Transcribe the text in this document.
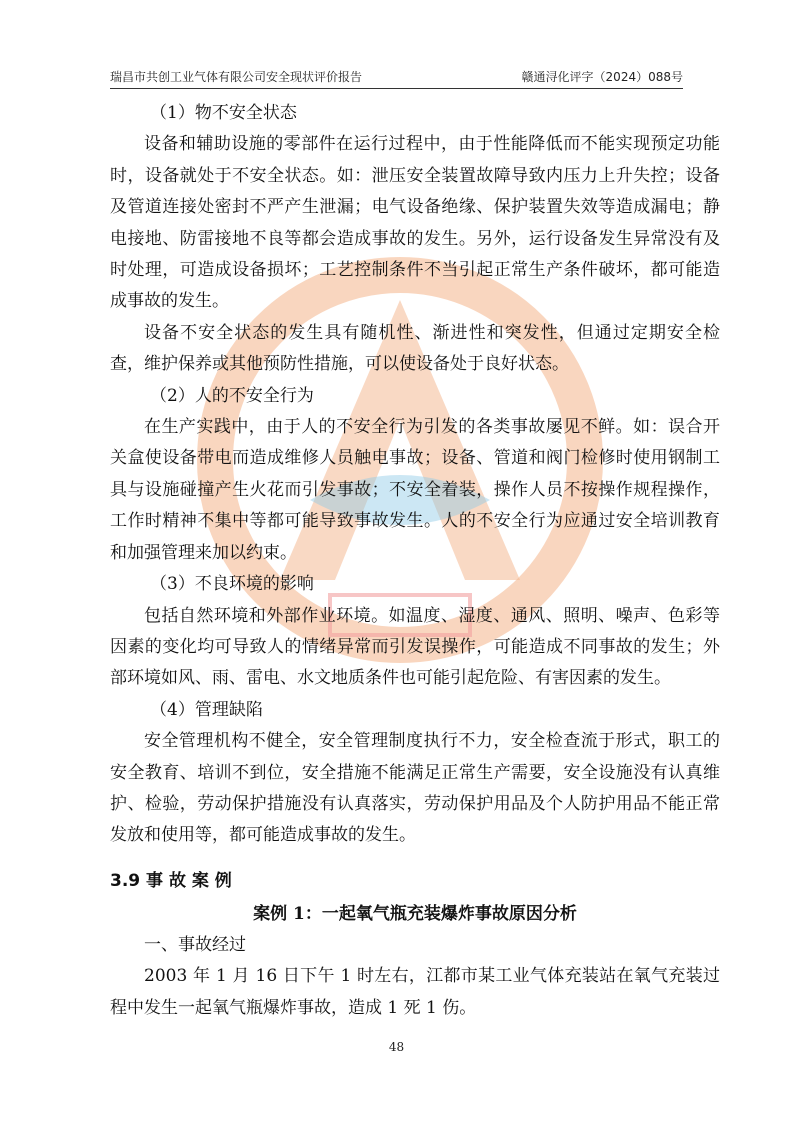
瑞昌市共创工业气体有限公司安全现状评价报告	赣通浔化评字（2024）088号

（1）物不安全状态

设备和辅助设施的零部件在运行过程中，由于性能降低而不能实现预定功能时，设备就处于不安全状态。如：泄压安全装置故障导致内压力上升失控；设备及管道连接处密封不严产生泄漏；电气设备绝缘、保护装置失效等造成漏电；静电接地、防雷接地不良等都会造成事故的发生。另外，运行设备发生异常没有及时处理，可造成设备损坏；工艺控制条件不当引起正常生产条件破坏，都可能造成事故的发生。

设备不安全状态的发生具有随机性、渐进性和突发性，但通过定期安全检查，维护保养或其他预防性措施，可以使设备处于良好状态。

（2）人的不安全行为

在生产实践中，由于人的不安全行为引发的各类事故屡见不鲜。如：误合开关盒使设备带电而造成维修人员触电事故；设备、管道和阀门检修时使用钢制工具与设施碰撞产生火花而引发事故；不安全着装，操作人员不按操作规程操作，工作时精神不集中等都可能导致事故发生。人的不安全行为应通过安全培训教育和加强管理来加以约束。

（3）不良环境的影响

包括自然环境和外部作业环境。如温度、湿度、通风、照明、噪声、色彩等因素的变化均可导致人的情绪异常而引发误操作，可能造成不同事故的发生；外部环境如风、雨、雷电、水文地质条件也可能引起危险、有害因素的发生。

（4）管理缺陷

安全管理机构不健全，安全管理制度执行不力，安全检查流于形式，职工的安全教育、培训不到位，安全措施不能满足正常生产需要，安全设施没有认真维护、检验，劳动保护措施没有认真落实，劳动保护用品及个人防护用品不能正常发放和使用等，都可能造成事故的发生。

3.9 事 故 案 例

案例 1：一起氧气瓶充装爆炸事故原因分析

一、事故经过

2003 年 1 月 16 日下午 1 时左右，江都市某工业气体充装站在氧气充装过程中发生一起氧气瓶爆炸事故，造成 1 死 1 伤。

48
